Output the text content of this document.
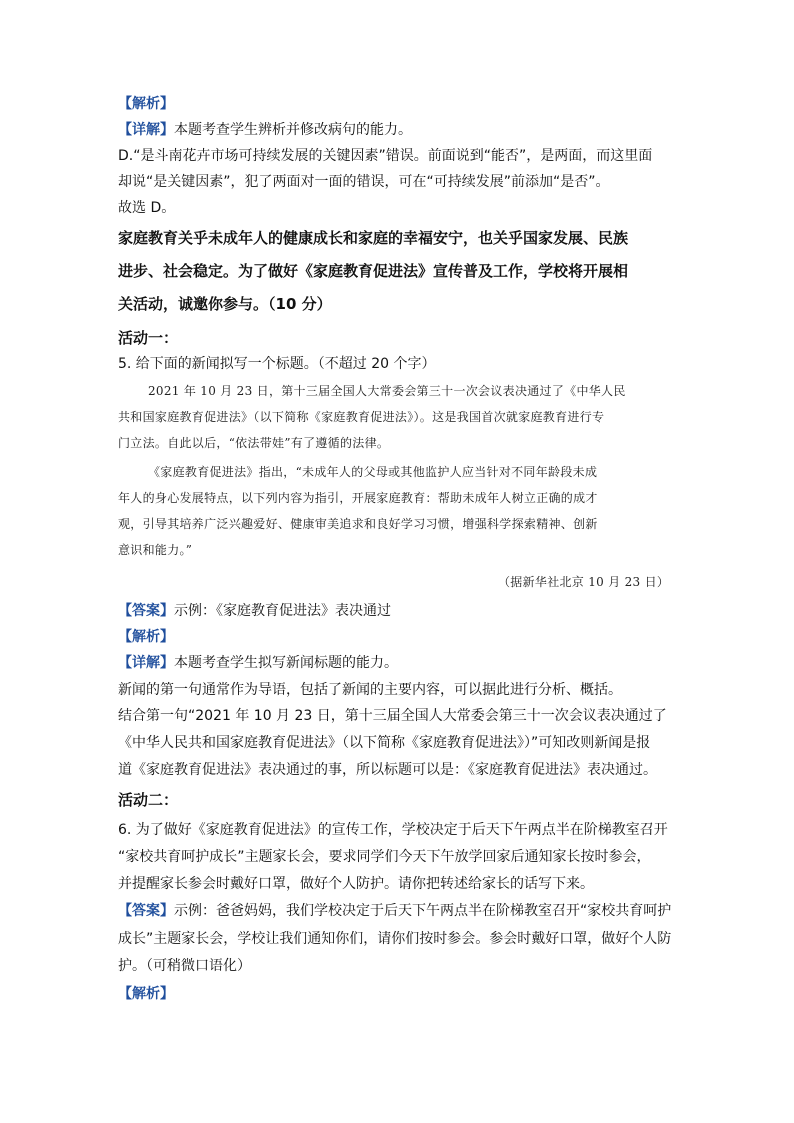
【解析】
【详解】本题考查学生辨析并修改病句的能力。
D.“是斗南花卉市场可持续发展的关键因素”错误。前面说到“能否”，是两面，而这里面
却说“是关键因素”，犯了两面对一面的错误，可在“可持续发展”前添加“是否”。
故选 D。
家庭教育关乎未成年人的健康成长和家庭的幸福安宁，也关乎国家发展、民族
进步、社会稳定。为了做好《家庭教育促进法》宣传普及工作，学校将开展相
关活动，诚邀你参与。（10 分）
活动一：
5. 给下面的新闻拟写一个标题。（不超过 20 个字）
2021 年 10 月 23 日，第十三届全国人大常委会第三十一次会议表决通过了《中华人民
共和国家庭教育促进法》（以下简称《家庭教育促进法》）。这是我国首次就家庭教育进行专
门立法。自此以后，“依法带娃”有了遵循的法律。
《家庭教育促进法》指出，“未成年人的父母或其他监护人应当针对不同年龄段未成
年人的身心发展特点，以下列内容为指引，开展家庭教育：帮助未成年人树立正确的成才
观，引导其培养广泛兴趣爱好、健康审美追求和良好学习习惯，增强科学探索精神、创新
意识和能力。”
（据新华社北京 10 月 23 日）
【答案】示例：《家庭教育促进法》表决通过
【解析】
【详解】本题考查学生拟写新闻标题的能力。
新闻的第一句通常作为导语，包括了新闻的主要内容，可以据此进行分析、概括。
结合第一句“2021 年 10 月 23 日，第十三届全国人大常委会第三十一次会议表决通过了
《中华人民共和国家庭教育促进法》（以下简称《家庭教育促进法》）”可知改则新闻是报
道《家庭教育促进法》表决通过的事，所以标题可以是：《家庭教育促进法》表决通过。
活动二：
6. 为了做好《家庭教育促进法》的宣传工作，学校决定于后天下午两点半在阶梯教室召开
“家校共育呵护成长”主题家长会，要求同学们今天下午放学回家后通知家长按时参会，
并提醒家长参会时戴好口罩，做好个人防护。请你把转述给家长的话写下来。
【答案】示例：爸爸妈妈，我们学校决定于后天下午两点半在阶梯教室召开“家校共育呵护
成长”主题家长会，学校让我们通知你们，请你们按时参会。参会时戴好口罩，做好个人防
护。（可稍微口语化）
【解析】
